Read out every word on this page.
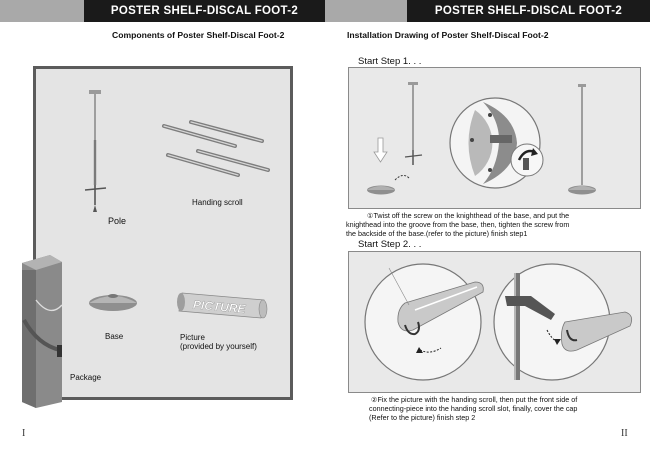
POSTER SHELF-DISCAL FOOT-2
Components of Poster Shelf-Discal Foot-2
PICTURE
Pole
Handing scroll
Base	Picture
(provided by yourself)
Package
I
POSTER SHELF-DISCAL FOOT-2
Installation Drawing of Poster Shelf-Discal Foot-2
Start Step 1. . .
①Twist off the screw on the knighthead of the base, and put the
knighthead into the groove from the base, then, tighten the screw from
the backside of the base.(refer to the picture) finish step1
Start Step 2. . .
②Fix the picture with the handing scroll, then put the front side of
connecting-piece into the handing scroll slot, finally, cover the cap
(Refer to the picture) finish step 2
II
